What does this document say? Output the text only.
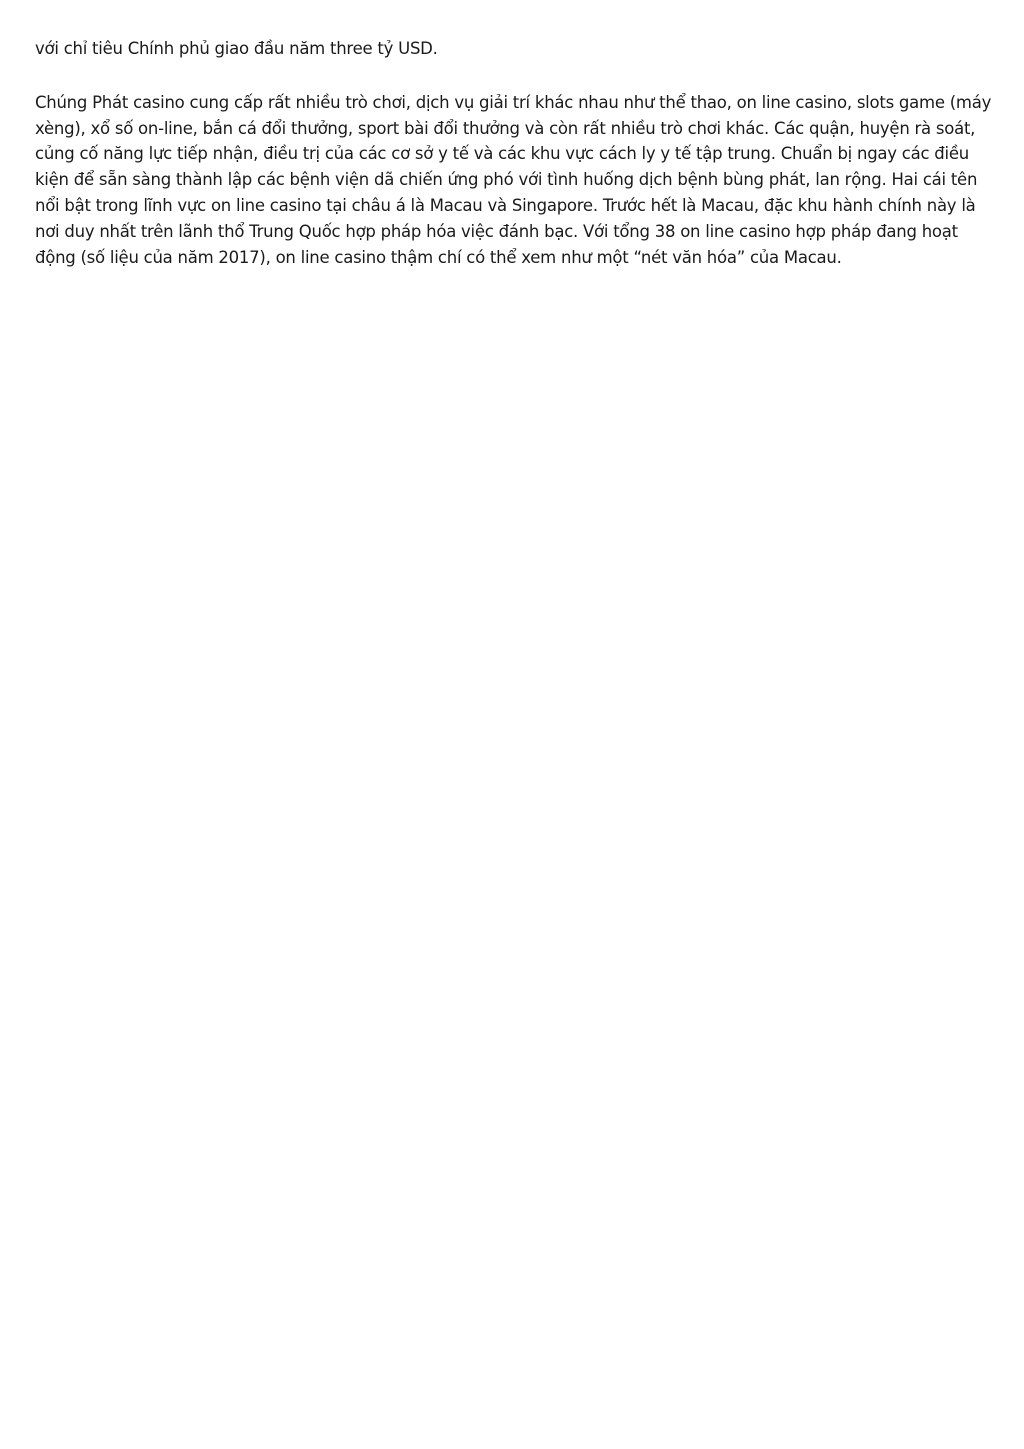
với chỉ tiêu Chính phủ giao đầu năm three tỷ USD.

Chúng Phát casino cung cấp rất nhiều trò chơi, dịch vụ giải trí khác nhau như thể thao, on line casino, slots game (máy xèng), xổ số on-line, bắn cá đổi thưởng, sport bài đổi thưởng và còn rất nhiều trò chơi khác. Các quận, huyện rà soát, củng cố năng lực tiếp nhận, điều trị của các cơ sở y tế và các khu vực cách ly y tế tập trung. Chuẩn bị ngay các điều kiện để sẵn sàng thành lập các bệnh viện dã chiến ứng phó với tình huống dịch bệnh bùng phát, lan rộng. Hai cái tên nổi bật trong lĩnh vực on line casino tại châu á là Macau và Singapore. Trước hết là Macau, đặc khu hành chính này là nơi duy nhất trên lãnh thổ Trung Quốc hợp pháp hóa việc đánh bạc. Với tổng 38 on line casino hợp pháp đang hoạt động (số liệu của năm 2017), on line casino thậm chí có thể xem như một “nét văn hóa” của Macau.
